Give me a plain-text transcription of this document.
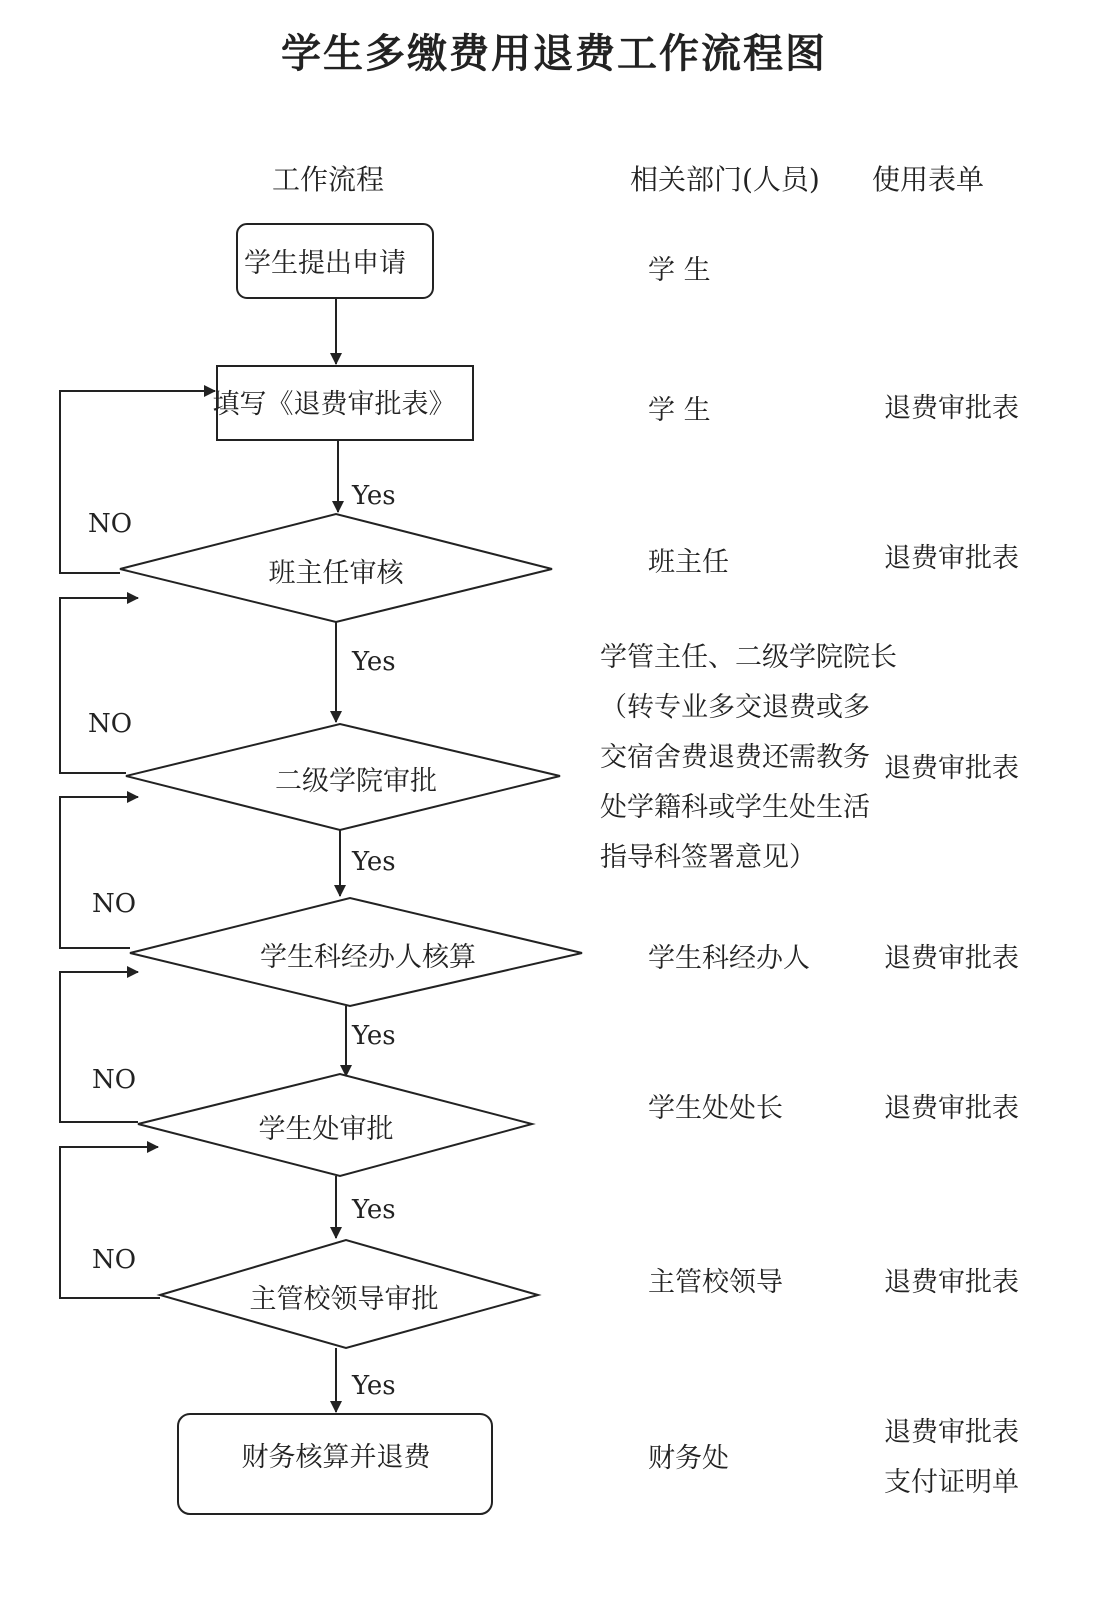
学生多缴费用退费工作流程图
工作流程	相关部门(人员) 使用表单
学生提出申请
填写《退费审批表》
班主任审核
二级学院审批
学生科经办人核算
学生处审批
主管校领导审批
财务核算并退费
Yes
Yes
Yes
Yes
Yes
Yes
NO
NO
NO
NO
NO
学 生
学 生
班主任
学管主任、二级学院院长
（转专业多交退费或多
交宿舍费退费还需教务
处学籍科或学生处生活
指导科签署意见）
学生科经办人
学生处处长
主管校领导
财务处
退费审批表
退费审批表
退费审批表
退费审批表
退费审批表
退费审批表
退费审批表
支付证明单
